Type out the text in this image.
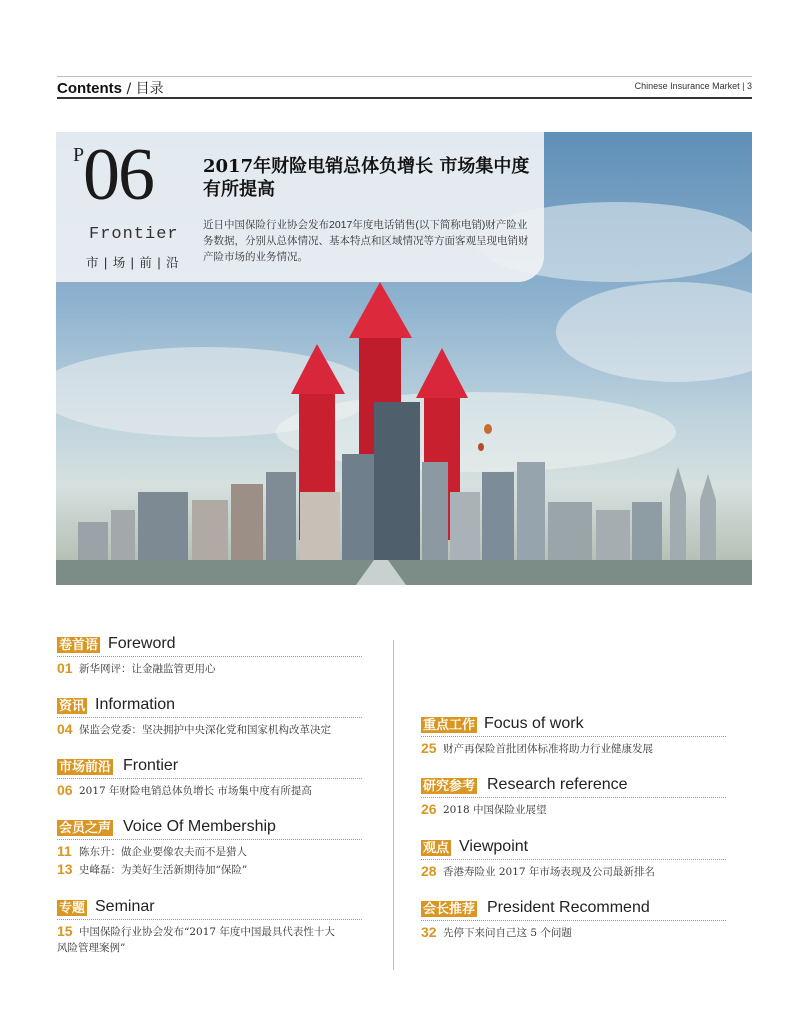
Contents / 目录	Chinese Insurance Market | 3
P
06
Frontier
市 | 场 | 前 | 沿
2017年财险电销总体负增长 市场集中度有所提高
近日中国保险行业协会发布2017年度电话销售(以下简称电销)财产险业务数据，分别从总体情况、基本特点和区域情况等方面客观呈现电销财产险市场的业务情况。
卷首语 Foreword
01 新华网评：让金融监管更用心
资讯 Information
04 保监会党委：坚决拥护中央深化党和国家机构改革决定
市场前沿 Frontier
06 2017 年财险电销总体负增长 市场集中度有所提高
会员之声 Voice Of Membership
11 陈东升：做企业要像农夫而不是猎人
13 史峰磊：为美好生活新期待加“保险”
专题 Seminar
15 中国保险行业协会发布“2017 年度中国最具代表性十大
风险管理案例”
重点工作 Focus of work
25 财产再保险首批团体标准将助力行业健康发展
研究参考 Research reference
26 2018 中国保险业展望
观点 Viewpoint
28 香港寿险业 2017 年市场表现及公司最新排名
会长推荐 President Recommend
32 先停下来问自己这 5 个问题
